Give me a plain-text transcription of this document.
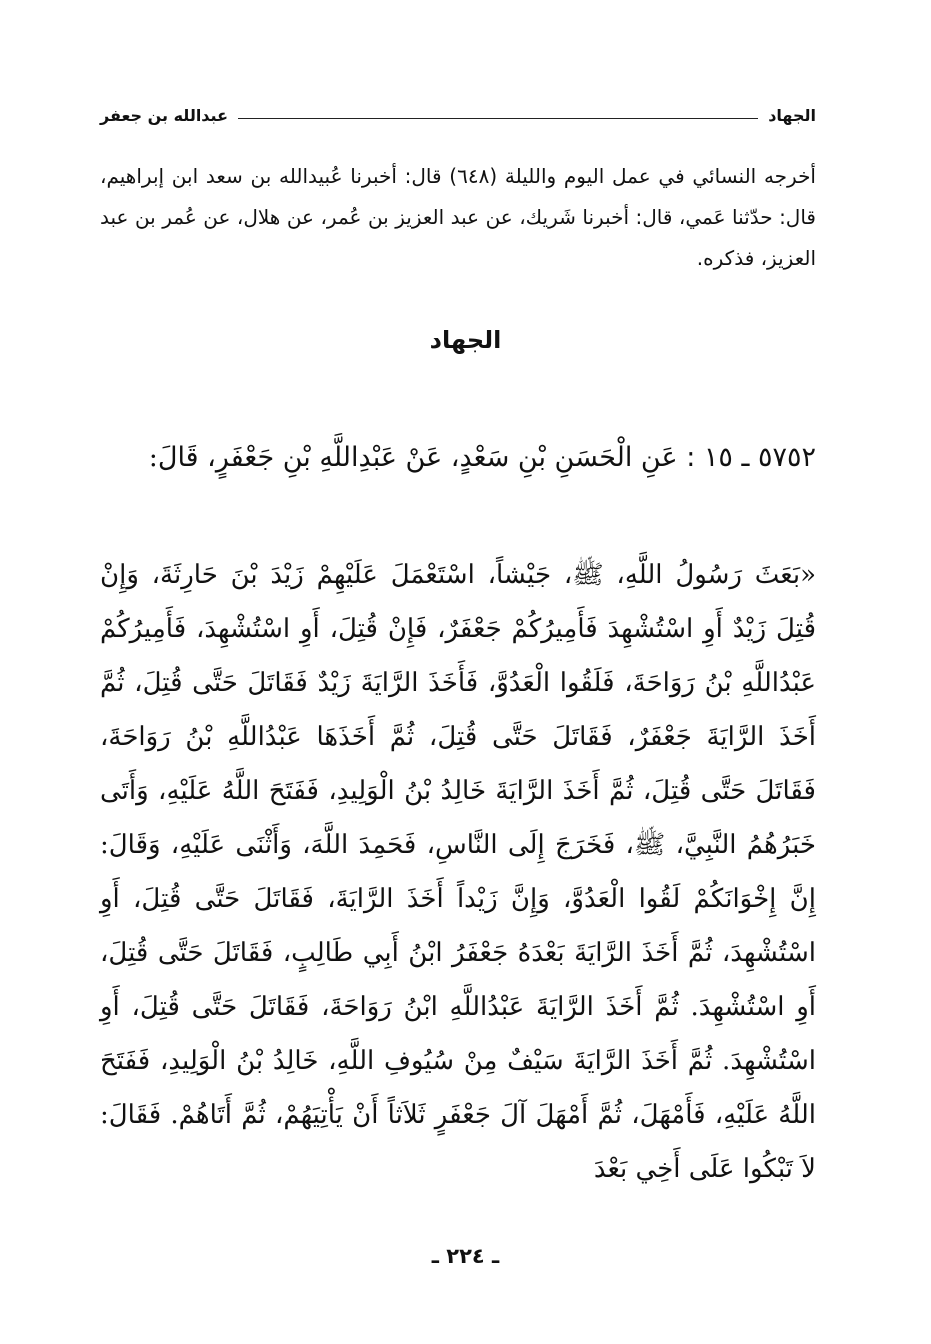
الجهاد
عبدالله بن جعفر
أخرجه النسائي في عمل اليوم والليلة (٦٤٨) قال: أخبرنا عُبيدالله بن سعد ابن إبراهيم، قال: حدّثنا عَمي، قال: أخبرنا شَريك، عن عبد العزيز بن عُمر، عن هلال، عن عُمر بن عبد العزيز، فذكره.
الجهاد
٥٧٥٢ ـ ١٥ : عَنِ الْحَسَنِ بْنِ سَعْدٍ، عَنْ عَبْدِاللَّهِ بْنِ جَعْفَرٍ، قَالَ:
«بَعَثَ رَسُولُ اللَّهِ، ﷺ، جَيْشاً، اسْتَعْمَلَ عَلَيْهِمْ زَيْدَ بْنَ حَارِثَةَ، وَإِنْ قُتِلَ زَيْدٌ أَوِ اسْتُشْهِدَ فَأَمِيرُكُمْ جَعْفَرٌ، فَإِنْ قُتِلَ، أَوِ اسْتُشْهِدَ، فَأَمِيرُكُمْ عَبْدُاللَّهِ بْنُ رَوَاحَةَ، فَلَقُوا الْعَدُوَّ، فَأَخَذَ الرَّايَةَ زَيْدٌ فَقَاتَلَ حَتَّى قُتِلَ، ثُمَّ أَخَذَ الرَّايَةَ جَعْفَرٌ، فَقَاتَلَ حَتَّى قُتِلَ، ثُمَّ أَخَذَهَا عَبْدُاللَّهِ بْنُ رَوَاحَةَ، فَقَاتَلَ حَتَّى قُتِلَ، ثُمَّ أَخَذَ الرَّايَةَ خَالِدُ بْنُ الْوَلِيدِ، فَفَتَحَ اللَّهُ عَلَيْهِ، وَأَتَى خَبَرُهُمُ النَّبِيَّ، ﷺ، فَخَرَجَ إِلَى النَّاسِ، فَحَمِدَ اللَّهَ، وَأَثْنَى عَلَيْهِ، وَقَالَ: إِنَّ إِخْوَانَكُمْ لَقُوا الْعَدُوَّ، وَإِنَّ زَيْداً أَخَذَ الرَّايَةَ، فَقَاتَلَ حَتَّى قُتِلَ، أَوِ اسْتُشْهِدَ، ثُمَّ أَخَذَ الرَّايَةَ بَعْدَهُ جَعْفَرُ ابْنُ أَبِي طَالِبٍ، فَقَاتَلَ حَتَّى قُتِلَ، أَوِ اسْتُشْهِدَ. ثُمَّ أَخَذَ الرَّايَةَ عَبْدُاللَّهِ ابْنُ رَوَاحَةَ، فَقَاتَلَ حَتَّى قُتِلَ، أَوِ اسْتُشْهِدَ. ثُمَّ أَخَذَ الرَّايَةَ سَيْفٌ مِنْ سُيُوفِ اللَّهِ، خَالِدُ بْنُ الْوَلِيدِ، فَفَتَحَ اللَّهُ عَلَيْهِ، فَأَمْهَلَ، ثُمَّ أَمْهَلَ آلَ جَعْفَرٍ ثَلاَثاً أَنْ يَأْتِيَهُمْ، ثُمَّ أَتَاهُمْ. فَقَالَ: لاَ تَبْكُوا عَلَى أَخِي بَعْدَ
ـ ٢٢٤ ـ
